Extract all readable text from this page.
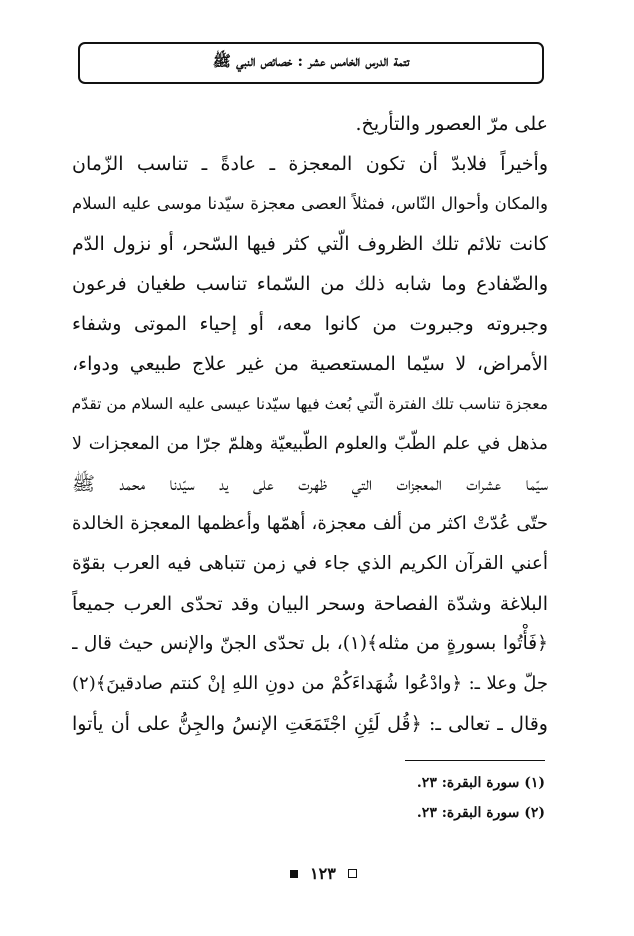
تتمة الدرس الخامس عشر : خصائص النبي ﷺ
على مرّ العصور والتأريخ.
وأخيراً فلابدّ أن تكون المعجزة ـ عادةً ـ تناسب الزّمان
والمكان وأحوال النّاس، فمثلاً العصى معجزة سيّدنا موسى عليه السلام
كانت تلائم تلك الظروف الّتي كثر فيها السّحر، أو نزول الدّم
والضّفادع وما شابه ذلك من السّماء تناسب طغيان فرعون
وجبروته وجبروت من كانوا معه، أو إحياء الموتى وشفاء
الأمراض، لا سيّما المستعصية من غير علاج طبيعي ودواء،
معجزة تناسب تلك الفترة الّتي بُعث فيها سيّدنا عيسى عليه السلام من تقدّم
مذهل في علم الطّبّ والعلوم الطّبيعيّة وهلمّ جرّا من المعجزات لا
سيّما عشرات المعجزات التي ظهرت على يد سيّدنا محمد ﷺ
حتّى عُدّتْ اكثر من ألف معجزة، أهمّها وأعظمها المعجزة الخالدة
أعني القرآن الكريم الذي جاء في زمن تتباهى فيه العرب بقوّة
البلاغة وشدّة الفصاحة وسحر البيان وقد تحدّى العرب جميعاً
﴿فَأْتُوا بسورةٍ من مثله﴾(١)، بل تحدّى الجنّ والإنس حيث قال ـ
جلّ وعلا ـ: ﴿وادْعُوا شُهَداءَكُمْ من دونِ اللهِ إنْ كنتم صادقينَ﴾(٢)
وقال ـ تعالى ـ: ﴿قُل لَئِنِ اجْتَمَعَتِ الإنسُ والجِنُّ على أن يأتوا
(١) سورة البقرة: ٢٣.
(٢) سورة البقرة: ٢٣.
١٢٣
